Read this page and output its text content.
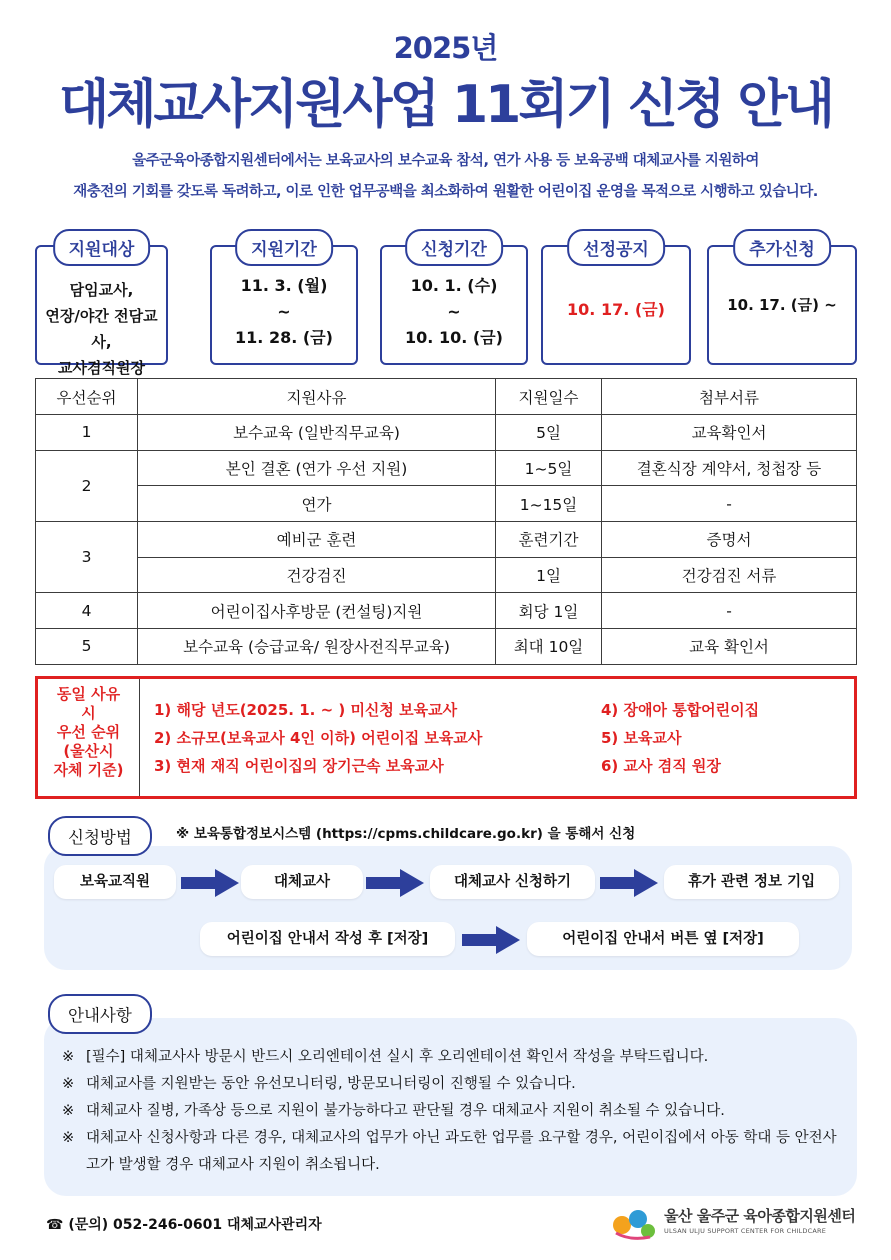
2025년
대체교사지원사업 11회기 신청 안내
울주군육아종합지원센터에서는 보육교사의 보수교육 참석, 연가 사용 등 보육공백 대체교사를 지원하여
재충전의 기회를 갖도록 독려하고, 이로 인한 업무공백을 최소화하여 원활한 어린이집 운영을 목적으로 시행하고 있습니다.
지원대상
담임교사,
연장/야간 전담교사,
교사겸직원장
지원기간
11. 3. (월)
~
11. 28. (금)
신청기간
10. 1. (수)
~
10. 10. (금)
선정공지
10. 17. (금)
추가신청
10. 17. (금) ~
우선순위	지원사유	지원일수	첨부서류
1	보수교육 (일반직무교육)	5일	교육확인서
2	본인 결혼 (연가 우선 지원)	1~5일	결혼식장 계약서, 청첩장 등
	연가	1~15일	-
3	예비군 훈련	훈련기간	증명서
	건강검진	1일	건강검진 서류
4	어린이집사후방문 (컨설팅)지원	회당 1일	-
5	보수교육 (승급교육/ 원장사전직무교육)	최대 10일	교육 확인서
동일 사유
시
우선 순위
(울산시
자체 기준)
1) 해당 년도(2025. 1. ~ ) 미신청 보육교사
2) 소규모(보육교사 4인 이하) 어린이집 보육교사
3) 현재 재직 어린이집의 장기근속 보육교사
4) 장애아 통합어린이집
5) 보육교사
6) 교사 겸직 원장
신청방법	※ 보육통합정보시스템 (https://cpms.childcare.go.kr) 을 통해서 신청
보육교직원	대체교사	대체교사 신청하기	휴가 관련 정보 기입
어린이집 안내서 작성 후 [저장]	어린이집 안내서 버튼 옆 [저장]
안내사항
※ [필수] 대체교사사 방문시 반드시 오리엔테이션 실시 후 오리엔테이션 확인서 작성을 부탁드립니다.
※ 대체교사를 지원받는 동안 유선모니터링, 방문모니터링이 진행될 수 있습니다.
※ 대체교사 질병, 가족상 등으로 지원이 불가능하다고 판단될 경우 대체교사 지원이 취소될 수 있습니다.
※ 대체교사 신청사항과 다른 경우, 대체교사의 업무가 아닌 과도한 업무를 요구할 경우, 어린이집에서 아동 학대 등 안전사고가 발생할 경우 대체교사 지원이 취소됩니다.
☎ (문의) 052-246-0601 대체교사관리자	울산 울주군 육아종합지원센터
ULSAN ULJU SUPPORT CENTER FOR CHILDCARE
